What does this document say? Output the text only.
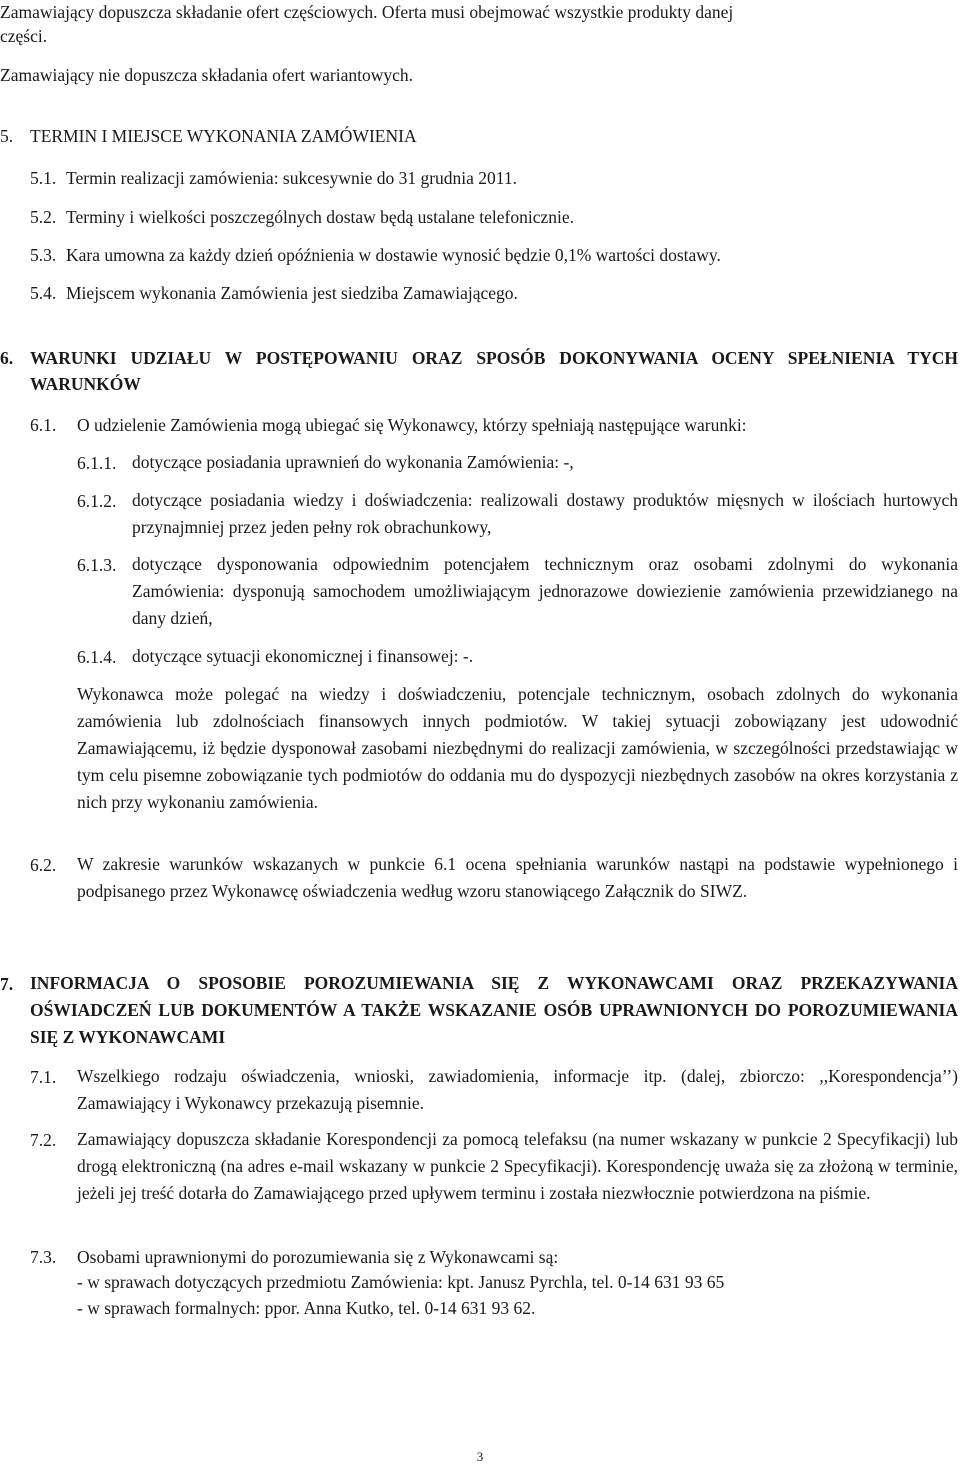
Zamawiający dopuszcza składanie ofert częściowych. Oferta musi obejmować wszystkie produkty danej
części.
Zamawiający nie dopuszcza składania ofert wariantowych.
5. TERMIN I MIEJSCE WYKONANIA ZAMÓWIENIA
5.1. Termin realizacji zamówienia: sukcesywnie do 31 grudnia 2011.
5.2. Terminy i wielkości poszczególnych dostaw będą ustalane telefonicznie.
5.3. Kara umowna za każdy dzień opóźnienia w dostawie wynosić będzie 0,1% wartości dostawy.
5.4. Miejscem wykonania Zamówienia jest siedziba Zamawiającego.
6. WARUNKI UDZIAŁU W POSTĘPOWANIU ORAZ SPOSÓB DOKONYWANIA OCENY SPEŁNIENIA TYCH WARUNKÓW
6.1. O udzielenie Zamówienia mogą ubiegać się Wykonawcy, którzy spełniają następujące warunki:
6.1.1. dotyczące posiadania uprawnień do wykonania Zamówienia: -,
6.1.2. dotyczące posiadania wiedzy i doświadczenia: realizowali dostawy produktów mięsnych w ilościach hurtowych przynajmniej przez jeden pełny rok obrachunkowy,
6.1.3. dotyczące dysponowania odpowiednim potencjałem technicznym oraz osobami zdolnymi do wykonania Zamówienia: dysponują samochodem umożliwiającym jednorazowe dowiezienie zamówienia przewidzianego na dany dzień,
6.1.4. dotyczące sytuacji ekonomicznej i finansowej: -.
Wykonawca może polegać na wiedzy i doświadczeniu, potencjale technicznym, osobach zdolnych do wykonania zamówienia lub zdolnościach finansowych innych podmiotów. W takiej sytuacji zobowiązany jest udowodnić Zamawiającemu, iż będzie dysponował zasobami niezbędnymi do realizacji zamówienia, w szczególności przedstawiając w tym celu pisemne zobowiązanie tych podmiotów do oddania mu do dyspozycji niezbędnych zasobów na okres korzystania z nich przy wykonaniu zamówienia.
6.2. W zakresie warunków wskazanych w punkcie 6.1 ocena spełniania warunków nastąpi na podstawie wypełnionego i podpisanego przez Wykonawcę oświadczenia według wzoru stanowiącego Załącznik do SIWZ.
7. INFORMACJA O SPOSOBIE POROZUMIEWANIA SIĘ Z WYKONAWCAMI ORAZ PRZEKAZYWANIA OŚWIADCZEŃ LUB DOKUMENTÓW A TAKŻE WSKAZANIE OSÓB UPRAWNIONYCH DO POROZUMIEWANIA SIĘ Z WYKONAWCAMI
7.1. Wszelkiego rodzaju oświadczenia, wnioski, zawiadomienia, informacje itp. (dalej, zbiorczo: ,,Korespondencja’’) Zamawiający i Wykonawcy przekazują pisemnie.
7.2. Zamawiający dopuszcza składanie Korespondencji za pomocą telefaksu (na numer wskazany w punkcie 2 Specyfikacji) lub drogą elektroniczną (na adres e-mail wskazany w punkcie 2 Specyfikacji). Korespondencję uważa się za złożoną w terminie, jeżeli jej treść dotarła do Zamawiającego przed upływem terminu i została niezwłocznie potwierdzona na piśmie.
7.3. Osobami uprawnionymi do porozumiewania się z Wykonawcami są:
- w sprawach dotyczących przedmiotu Zamówienia: kpt. Janusz Pyrchla, tel. 0-14 631 93 65
- w sprawach formalnych: ppor. Anna Kutko, tel. 0-14 631 93 62.
3
